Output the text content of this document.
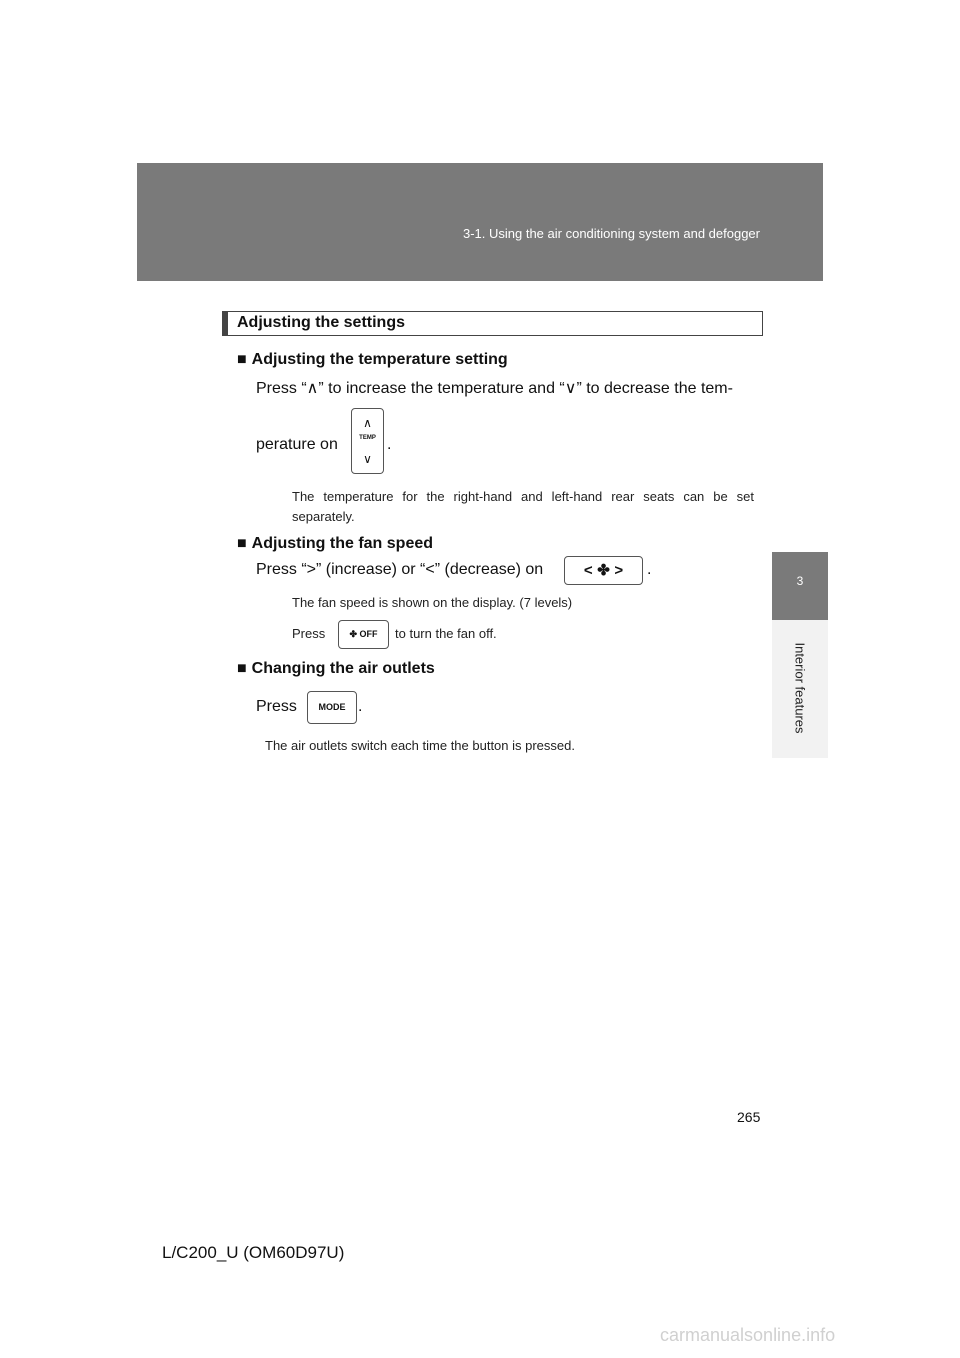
3-1. Using the air conditioning system and defogger
3
Interior features
Adjusting the settings
■ Adjusting the temperature setting
Press “∧” to increase the temperature and “∨” to decrease the tem-
perature on	.
∧
TEMP
∨
The temperature for the right-hand and left-hand rear seats can be set separately.
■ Adjusting the fan speed
Press “>” (increase) or “<” (decrease) on	< ✤ >	.
The fan speed is shown on the display. (7 levels)
Press	✤ OFF	to turn the fan off.
■ Changing the air outlets
Press	MODE .
The air outlets switch each time the button is pressed.
265
L/C200_U (OM60D97U)
carmanualsonline.info
